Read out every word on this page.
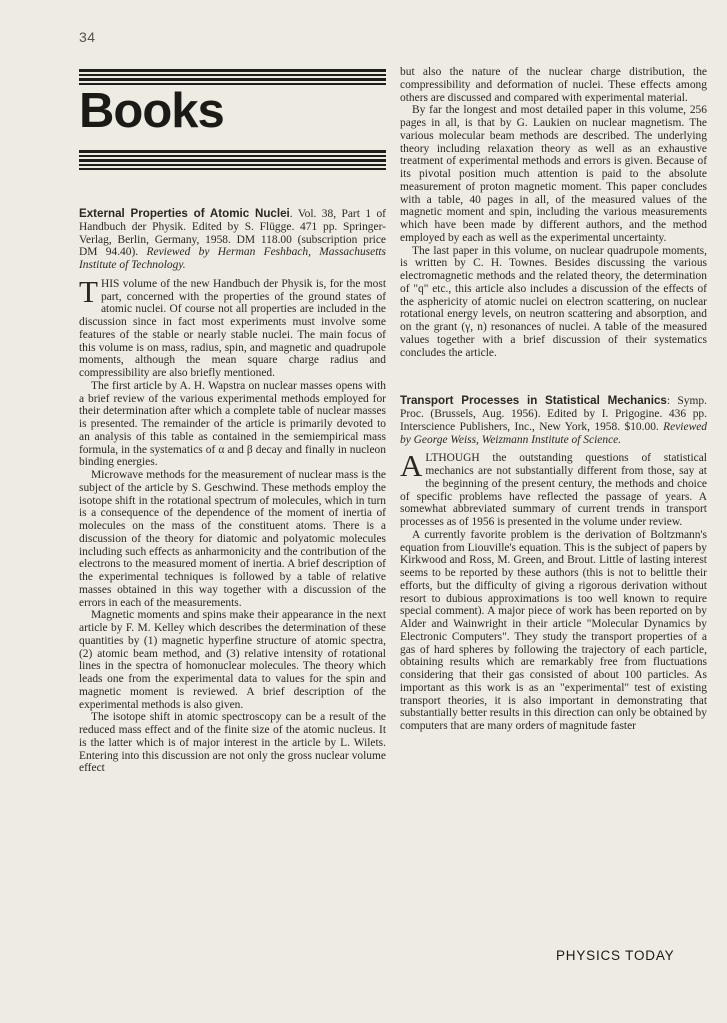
34
Books

External Properties of Atomic Nuclei. Vol. 38, Part 1 of Handbuch der Physik. Edited by S. Flügge. 471 pp. Springer-Verlag, Berlin, Germany, 1958. DM 118.00 (subscription price DM 94.40). Reviewed by Herman Feshbach, Massachusetts Institute of Technology.

THIS volume of the new Handbuch der Physik is, for the most part, concerned with the properties of the ground states of atomic nuclei. Of course not all properties are included in the discussion since in fact most experiments must involve some features of the stable or nearly stable nuclei. The main focus of this volume is on mass, radius, spin, and magnetic and quadrupole moments, although the mean square charge radius and compressibility are also briefly mentioned.

The first article by A. H. Wapstra on nuclear masses opens with a brief review of the various experimental methods employed for their determination after which a complete table of nuclear masses is presented. The remainder of the article is primarily devoted to an analysis of this table as contained in the semiempirical mass formula, in the systematics of α and β decay and finally in nucleon binding energies.

Microwave methods for the measurement of nuclear mass is the subject of the article by S. Geschwind. These methods employ the isotope shift in the rotational spectrum of molecules, which in turn is a consequence of the dependence of the moment of inertia of molecules on the mass of the constituent atoms. There is a discussion of the theory for diatomic and polyatomic molecules including such effects as anharmonicity and the contribution of the electrons to the measured moment of inertia. A brief description of the experimental techniques is followed by a table of relative masses obtained in this way together with a discussion of the errors in each of the measurements.

Magnetic moments and spins make their appearance in the next article by F. M. Kelley which describes the determination of these quantities by (1) magnetic hyperfine structure of atomic spectra, (2) atomic beam method, and (3) relative intensity of rotational lines in the spectra of homonuclear molecules. The theory which leads one from the experimental data to values for the spin and magnetic moment is reviewed. A brief description of the experimental methods is also given.

The isotope shift in atomic spectroscopy can be a result of the reduced mass effect and of the finite size of the atomic nucleus. It is the latter which is of major interest in the article by L. Wilets. Entering into this discussion are not only the gross nuclear volume effect

but also the nature of the nuclear charge distribution, the compressibility and deformation of nuclei. These effects among others are discussed and compared with experimental material.

By far the longest and most detailed paper in this volume, 256 pages in all, is that by G. Laukien on nuclear magnetism. The various molecular beam methods are described. The underlying theory including relaxation theory as well as an exhaustive treatment of experimental methods and errors is given. Because of its pivotal position much attention is paid to the absolute measurement of proton magnetic moment. This paper concludes with a table, 40 pages in all, of the measured values of the magnetic moment and spin, including the various measurements which have been made by different authors, and the method employed by each as well as the experimental uncertainty.

The last paper in this volume, on nuclear quadrupole moments, is written by C. H. Townes. Besides discussing the various electromagnetic methods and the related theory, the determination of "q" etc., this article also includes a discussion of the effects of the asphericity of atomic nuclei on electron scattering, on nuclear rotational energy levels, on neutron scattering and absorption, and on the grant (γ, n) resonances of nuclei. A table of the measured values together with a brief discussion of their systematics concludes the article.

Transport Processes in Statistical Mechanics: Symp. Proc. (Brussels, Aug. 1956). Edited by I. Prigogine. 436 pp. Interscience Publishers, Inc., New York, 1958. $10.00. Reviewed by George Weiss, Weizmann Institute of Science.

ALTHOUGH the outstanding questions of statistical mechanics are not substantially different from those, say at the beginning of the present century, the methods and choice of specific problems have reflected the passage of years. A somewhat abbreviated summary of current trends in transport processes as of 1956 is presented in the volume under review.

A currently favorite problem is the derivation of Boltzmann's equation from Liouville's equation. This is the subject of papers by Kirkwood and Ross, M. Green, and Brout. Little of lasting interest seems to be reported by these authors (this is not to belittle their efforts, but the difficulty of giving a rigorous derivation without resort to dubious approximations is too well known to require special comment). A major piece of work has been reported on by Alder and Wainwright in their article "Molecular Dynamics by Electronic Computers". They study the transport properties of a gas of hard spheres by following the trajectory of each particle, obtaining results which are remarkably free from fluctuations considering that their gas consisted of about 100 particles. As important as this work is as an "experimental" test of existing transport theories, it is also important in demonstrating that substantially better results in this direction can only be obtained by computers that are many orders of magnitude faster

PHYSICS TODAY
